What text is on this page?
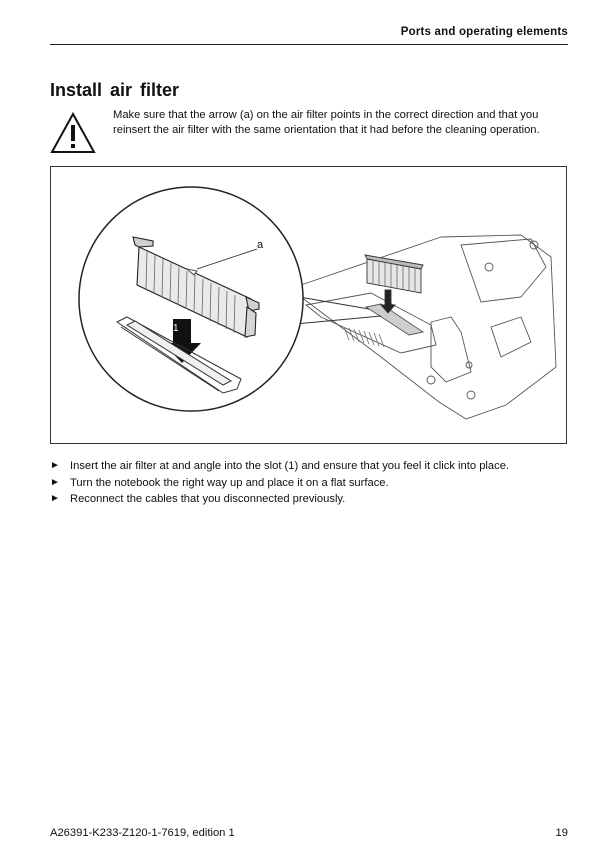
Ports and operating elements
Install air filter

Make sure that the arrow (a) on the air filter points in the correct direction and that you reinsert the air filter with the same orientation that it had before the cleaning operation.

a
1
► Insert the air filter at and angle into the slot (1) and ensure that you feel it click into place.
► Turn the notebook the right way up and place it on a flat surface.
► Reconnect the cables that you disconnected previously.
A26391-K233-Z120-1-7619, edition 1	19
